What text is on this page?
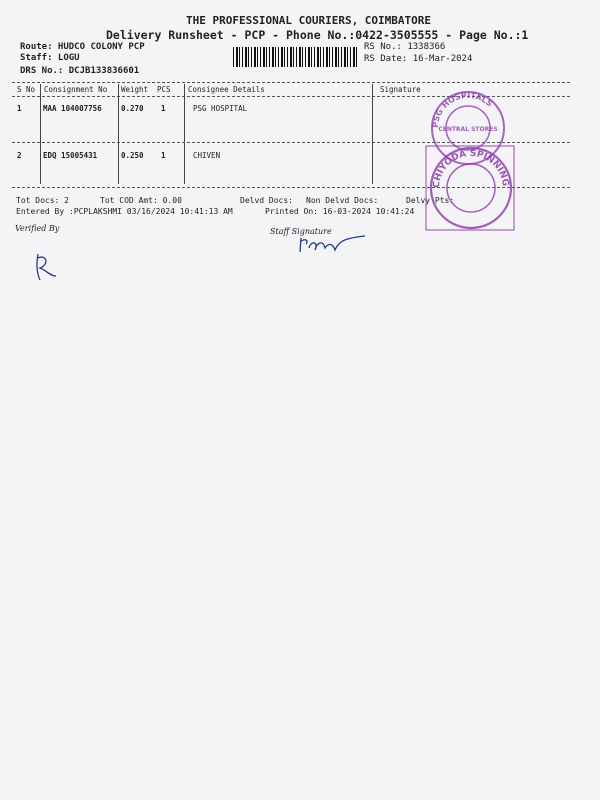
THE PROFESSIONAL COURIERS, COIMBATORE
Delivery Runsheet - PCP - Phone No.:0422-3505555 - Page No.:1
Route: HUDCO COLONY PCP
Staff: LOGU
DRS No.: DCJB133836601
RS No.: 1338366
RS Date: 16-Mar-2024
S No Consignment No Weight PCS Consignee Details	Signature
1	MAA 104007756	0.270 1	PSG HOSPITAL
2	EDQ 15005431	0.250 1	CHIVEN
Tot Docs: 2	Tot COD Amt: 0.00	Delvd Docs: Non Delvd Docs:	Delvy Pts:
Entered By :PCPLAKSHMI 03/16/2024 10:41:13 AM	Printed On: 16-03-2024 10:41:24
Verified By	Staff Signature
PSG HOSPITALS
CENTRAL STORES
CHIYODA SPINNING
